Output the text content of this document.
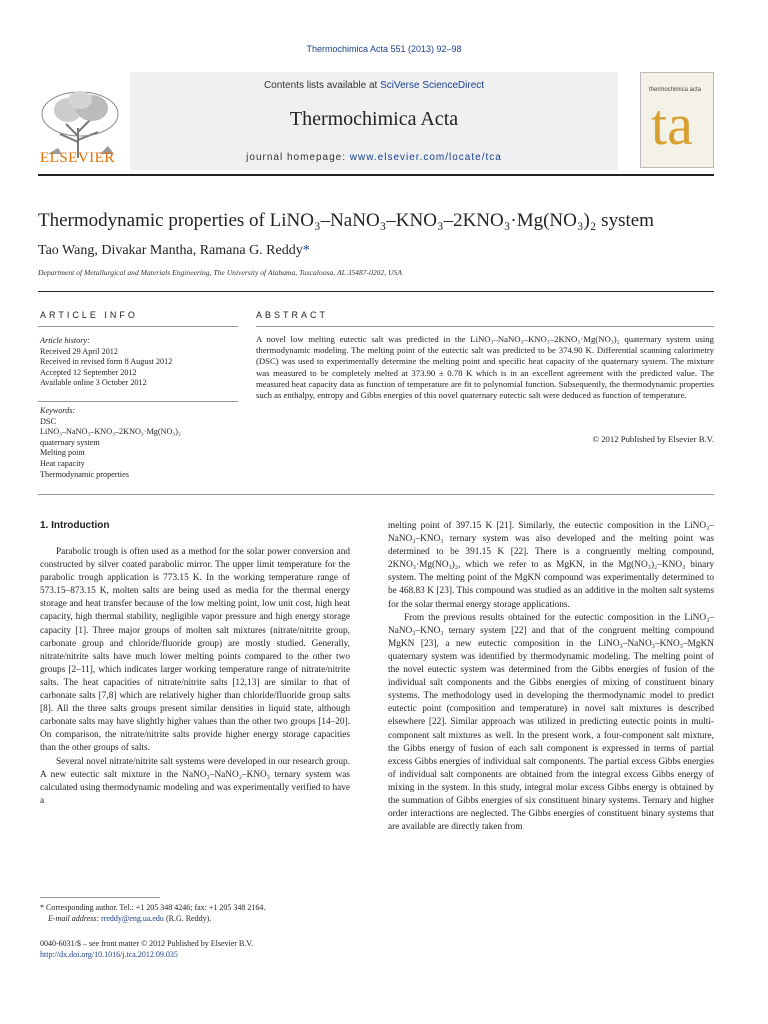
Thermochimica Acta 551 (2013) 92–98
ELSEVIER
Contents lists available at SciVerse ScienceDirect
Thermochimica Acta
journal homepage: www.elsevier.com/locate/tca
thermochimica acta
ta
Thermodynamic properties of LiNO₃–NaNO₃–KNO₃–2KNO₃·Mg(NO₃)₂ system
Tao Wang, Divakar Mantha, Ramana G. Reddy*
Department of Metallurgical and Materials Engineering, The University of Alabama, Tuscaloosa, AL 35487-0202, USA
ARTICLE INFO
Article history:
Received 29 April 2012
Received in revised form 8 August 2012
Accepted 12 September 2012
Available online 3 October 2012
Keywords:
DSC
LiNO₃–NaNO₃–KNO₃–2KNO₃·Mg(NO₃)₂
quaternary system
Melting point
Heat capacity
Thermodynamic properties
ABSTRACT
A novel low melting eutectic salt was predicted in the LiNO₃–NaNO₃–KNO₃–2KNO₃·Mg(NO₃)₂ quaternary system using thermodynamic modeling. The melting point of the eutectic salt was predicted to be 374.90 K. Differential scanning calorimetry (DSC) was used to experimentally determine the melting point and specific heat capacity of the quaternary system. The mixture was measured to be completely melted at 373.90 ± 0.78 K which is in an excellent agreement with the predicted value. The measured heat capacity data as function of temperature are fit to polynomial function. Subsequently, the thermodynamic properties such as enthalpy, entropy and Gibbs energies of this novel quaternary eutectic salt were deduced as function of temperature.
© 2012 Published by Elsevier B.V.
1. Introduction

Parabolic trough is often used as a method for the solar power conversion and constructed by silver coated parabolic mirror. The upper limit temperature for the parabolic trough application is 773.15 K. In the working temperature range of 573.15–873.15 K, molten salts are being used as media for the thermal energy storage and heat transfer because of the low melting point, low unit cost, high heat capacity, high thermal stability, negligible vapor pressure and high energy storage capacity [1]. Three major groups of molten salt mixtures (nitrate/nitrite group, carbonate group and chloride/fluoride group) are mostly studied. Generally, nitrate/nitrite salts have much lower melting points compared to the other two groups [2–11], which indicates larger working temperature range of nitrate/nitrite salts. The heat capacities of nitrate/nitrite salts [12,13] are similar to that of carbonate salts [7,8] which are relatively higher than chloride/fluoride group salts [8]. All the three salts groups present similar densities in liquid state, although carbonate salts may have slightly higher values than the other two groups [14–20]. On comparison, the nitrate/nitrite salts provide higher energy storage capacities than the other groups of salts.

Several novel nitrate/nitrite salt systems were developed in our research group. A new eutectic salt mixture in the NaNO₃–NaNO₂–KNO₃ ternary system was calculated using thermodynamic modeling and was experimentally verified to have a

melting point of 397.15 K [21]. Similarly, the eutectic composition in the LiNO₃–NaNO₃–KNO₃ ternary system was also developed and the melting point was determined to be 391.15 K [22]. There is a congruently melting compound, 2KNO₃·Mg(NO₃)₂, which we refer to as MgKN, in the Mg(NO₃)₂–KNO₃ binary system. The melting point of the MgKN compound was experimentally determined to be 468.83 K [23]. This compound was studied as an additive in the molten salt systems for the solar thermal energy storage applications.

From the previous results obtained for the eutectic composition in the LiNO₃–NaNO₃–KNO₃ ternary system [22] and that of the congruent melting compound MgKN [23], a new eutectic composition in the LiNO₃–NaNO₃–KNO₃–MgKN quaternary system was identified by thermodynamic modeling. The melting point of the novel eutectic system was determined from the Gibbs energies of fusion of the individual salt components and the Gibbs energies of mixing of constituent binary systems. The methodology used in developing the thermodynamic model to predict eutectic point (composition and temperature) in novel salt mixtures is described elsewhere [22]. Similar approach was utilized in predicting eutectic points in multi-component salt mixtures as well. In the present work, a four-component salt mixture, the Gibbs energy of fusion of each salt component is expressed in terms of partial excess Gibbs energies of individual salt components. The partial excess Gibbs energies of individual salt components are obtained from the integral excess Gibbs energy of mixing in the system. In this study, integral molar excess Gibbs energy is obtained by the summation of Gibbs energies of six constituent binary systems. Ternary and higher order interactions are neglected. The Gibbs energies of constituent binary systems that are available are directly taken from

* Corresponding author. Tel.: +1 205 348 4246; fax: +1 205 348 2164.
E-mail address: rreddy@eng.ua.edu (R.G. Reddy).
0040-6031/$ – see front matter © 2012 Published by Elsevier B.V.
http://dx.doi.org/10.1016/j.tca.2012.09.035
